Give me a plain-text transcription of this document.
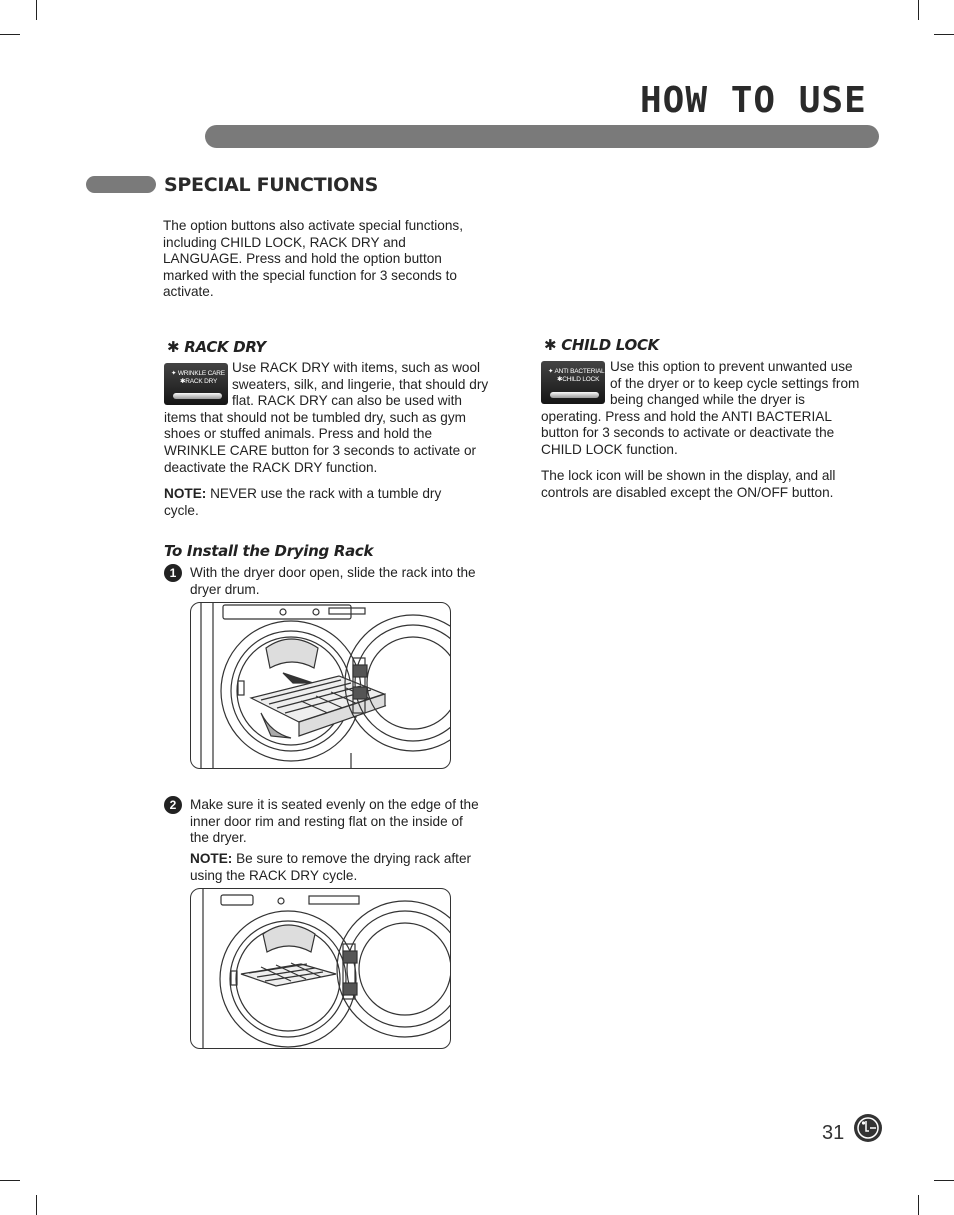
HOW TO USE
SPECIAL FUNCTIONS
The option buttons also activate special functions, including CHILD LOCK, RACK DRY and LANGUAGE. Press and hold the option button marked with the special function for 3 seconds to activate.
✱ RACK DRY
✦ WRINKLE CARE
✱RACK DRY
Use RACK DRY with items, such as wool sweaters, silk, and lingerie, that should dry flat. RACK DRY can also be used with items that should not be tumbled dry, such as gym shoes or stuffed animals. Press and hold the WRINKLE CARE button for 3 seconds to activate or deactivate the RACK DRY function.
NOTE: NEVER use the rack with a tumble dry cycle.
To Install the Drying Rack
1	With the dryer door open, slide the rack into the dryer drum.
2	Make sure it is seated evenly on the edge of the inner door rim and resting flat on the inside of the dryer.
NOTE: Be sure to remove the drying rack after using the RACK DRY cycle.
✱ CHILD LOCK
✦ ANTI BACTERIAL
✱CHILD LOCK
Use this option to prevent unwanted use of the dryer or to keep cycle settings from being changed while the dryer is operating. Press and hold the ANTI BACTERIAL button for 3 seconds to activate or deactivate the CHILD LOCK function.
The lock icon will be shown in the display, and all controls are disabled except the ON/OFF button.
31
